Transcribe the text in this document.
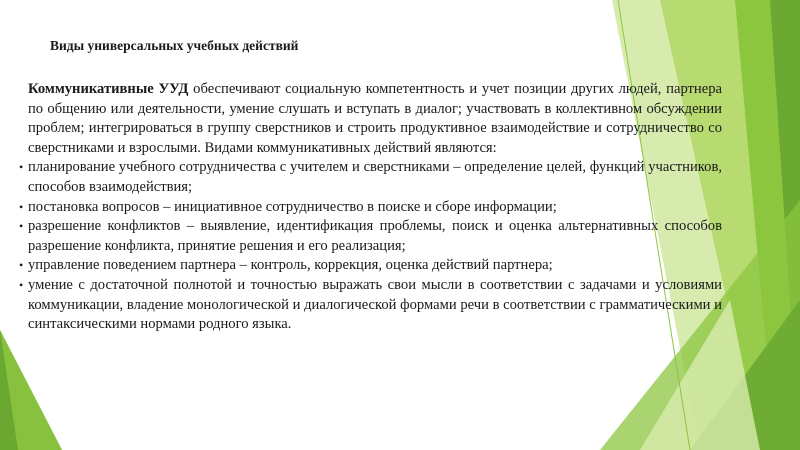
Виды универсальных учебных действий

Коммуникативные УУД обеспечивают социальную компетентность и учет позиции других людей, партнера по общению или деятельности, умение слушать и вступать в диалог; участвовать в коллективном обсуждении проблем; интегрироваться в группу сверстников и строить продуктивное взаимодействие и сотрудничество со сверстниками и взрослыми. Видами коммуникативных действий являются:

• планирование учебного сотрудничества с учителем и сверстниками – определение целей, функций участников, способов взаимодействия;
• постановка вопросов – инициативное сотрудничество в поиске и сборе информации;
• разрешение конфликтов – выявление, идентификация проблемы, поиск и оценка альтернативных способов разрешение конфликта, принятие решения и его реализация;
• управление поведением партнера – контроль, коррекция, оценка действий партнера;
• умение с достаточной полнотой и точностью выражать свои мысли в соответствии с задачами и условиями коммуникации, владение монологической и диалогической формами речи в соответствии с грамматическими и синтаксическими нормами родного языка.
